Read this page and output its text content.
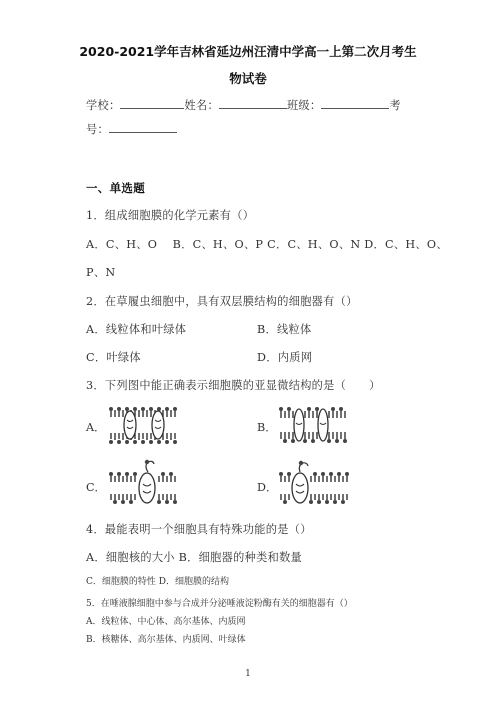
2020-2021学年吉林省延边州汪清中学高一上第二次月考生
物试卷
学校：	姓名：	班级：	考
号：
一、单选题
1．组成细胞膜的化学元素有（）
A．C、H、O　 B．C、H、O、P C．C、H、O、N D．C、H、O、
P、N
2．在草履虫细胞中，具有双层膜结构的细胞器有（）
A．线粒体和叶绿体	B．线粒体
C．叶绿体	D．内质网
3．下列图中能正确表示细胞膜的亚显微结构的是（　　）
A．	B．
C．	D．
4．最能表明一个细胞具有特殊功能的是（）
A．细胞核的大小 B．细胞器的种类和数量
C．细胞膜的特性 D．细胞膜的结构
5．在唾液腺细胞中参与合成并分泌唾液淀粉酶有关的细胞器有（）
A．线粒体、中心体、高尔基体、内质网
B．核糖体、高尔基体、内质网、叶绿体
1
